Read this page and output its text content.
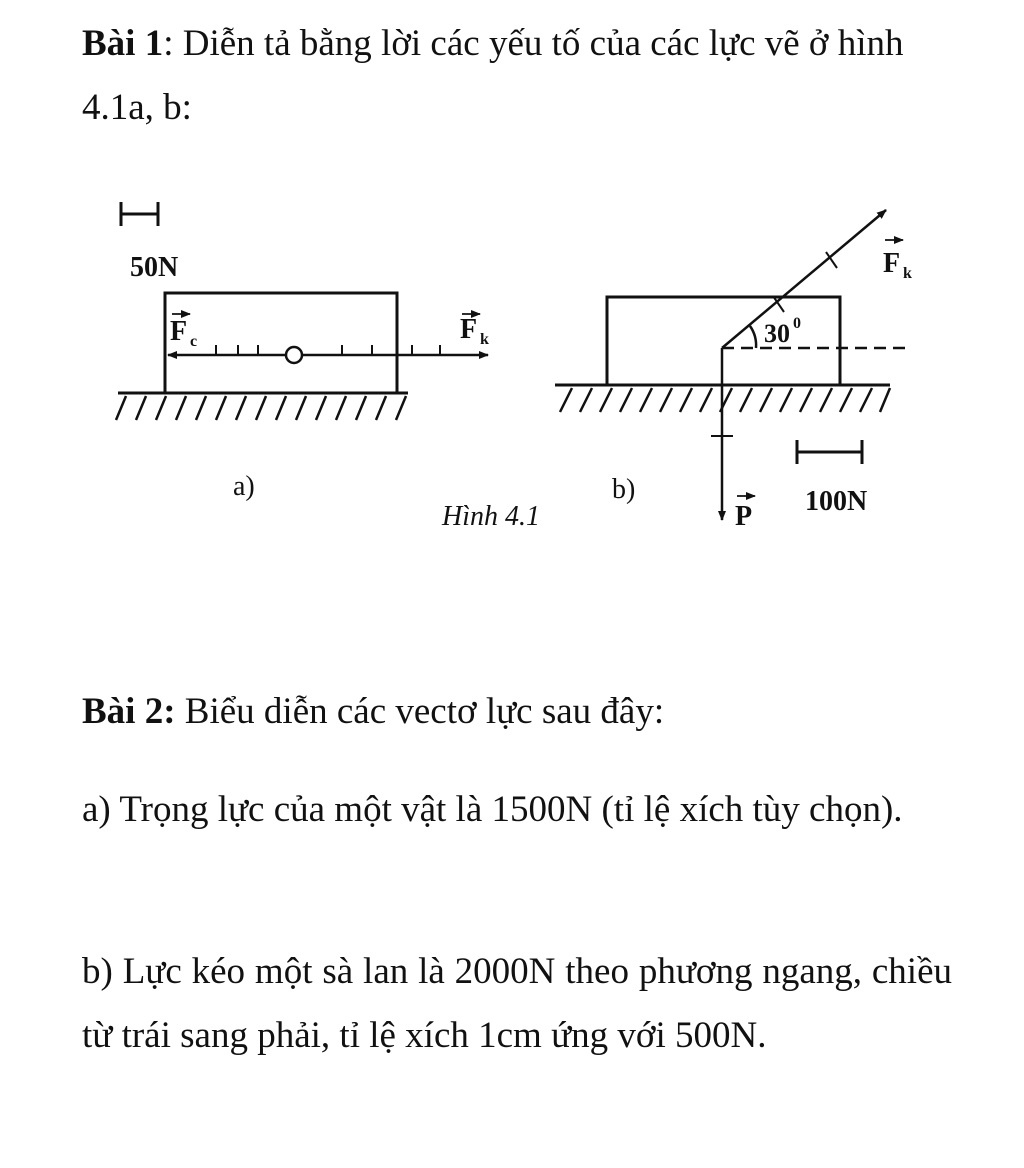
Bài 1: Diễn tả bằng lời các yếu tố của các lực vẽ ở hình 4.1a, b:

50N
F c	F k
a)
Hình 4.1
30 0
F k
P 100N
b)

Bài 2: Biểu diễn các vectơ lực sau đây:

a) Trọng lực của một vật là 1500N (tỉ lệ xích tùy chọn).

b) Lực kéo một sà lan là 2000N theo phương ngang, chiều từ trái sang phải, tỉ lệ xích 1cm ứng với 500N.
